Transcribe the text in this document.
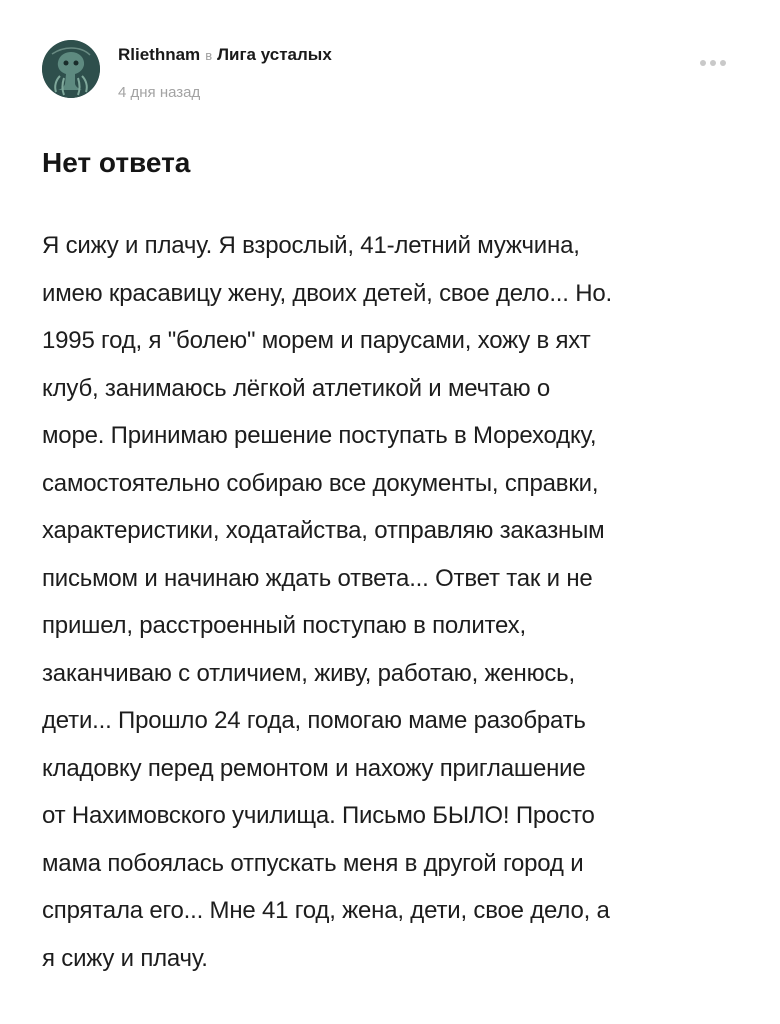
Rliethnam в Лига усталых
4 дня назад
Нет ответа
Я сижу и плачу. Я взрослый, 41-летний мужчина,
имею красавицу жену, двоих детей, свое дело... Но.
1995 год, я "болею" морем и парусами, хожу в яхт
клуб, занимаюсь лёгкой атлетикой и мечтаю о
море. Принимаю решение поступать в Мореходку,
самостоятельно собираю все документы, справки,
характеристики, ходатайства, отправляю заказным
письмом и начинаю ждать ответа... Ответ так и не
пришел, расстроенный поступаю в политех,
заканчиваю с отличием, живу, работаю, женюсь,
дети... Прошло 24 года, помогаю маме разобрать
кладовку перед ремонтом и нахожу приглашение
от Нахимовского училища. Письмо БЫЛО! Просто
мама побоялась отпускать меня в другой город и
спрятала его... Мне 41 год, жена, дети, свое дело, а
я сижу и плачу.
